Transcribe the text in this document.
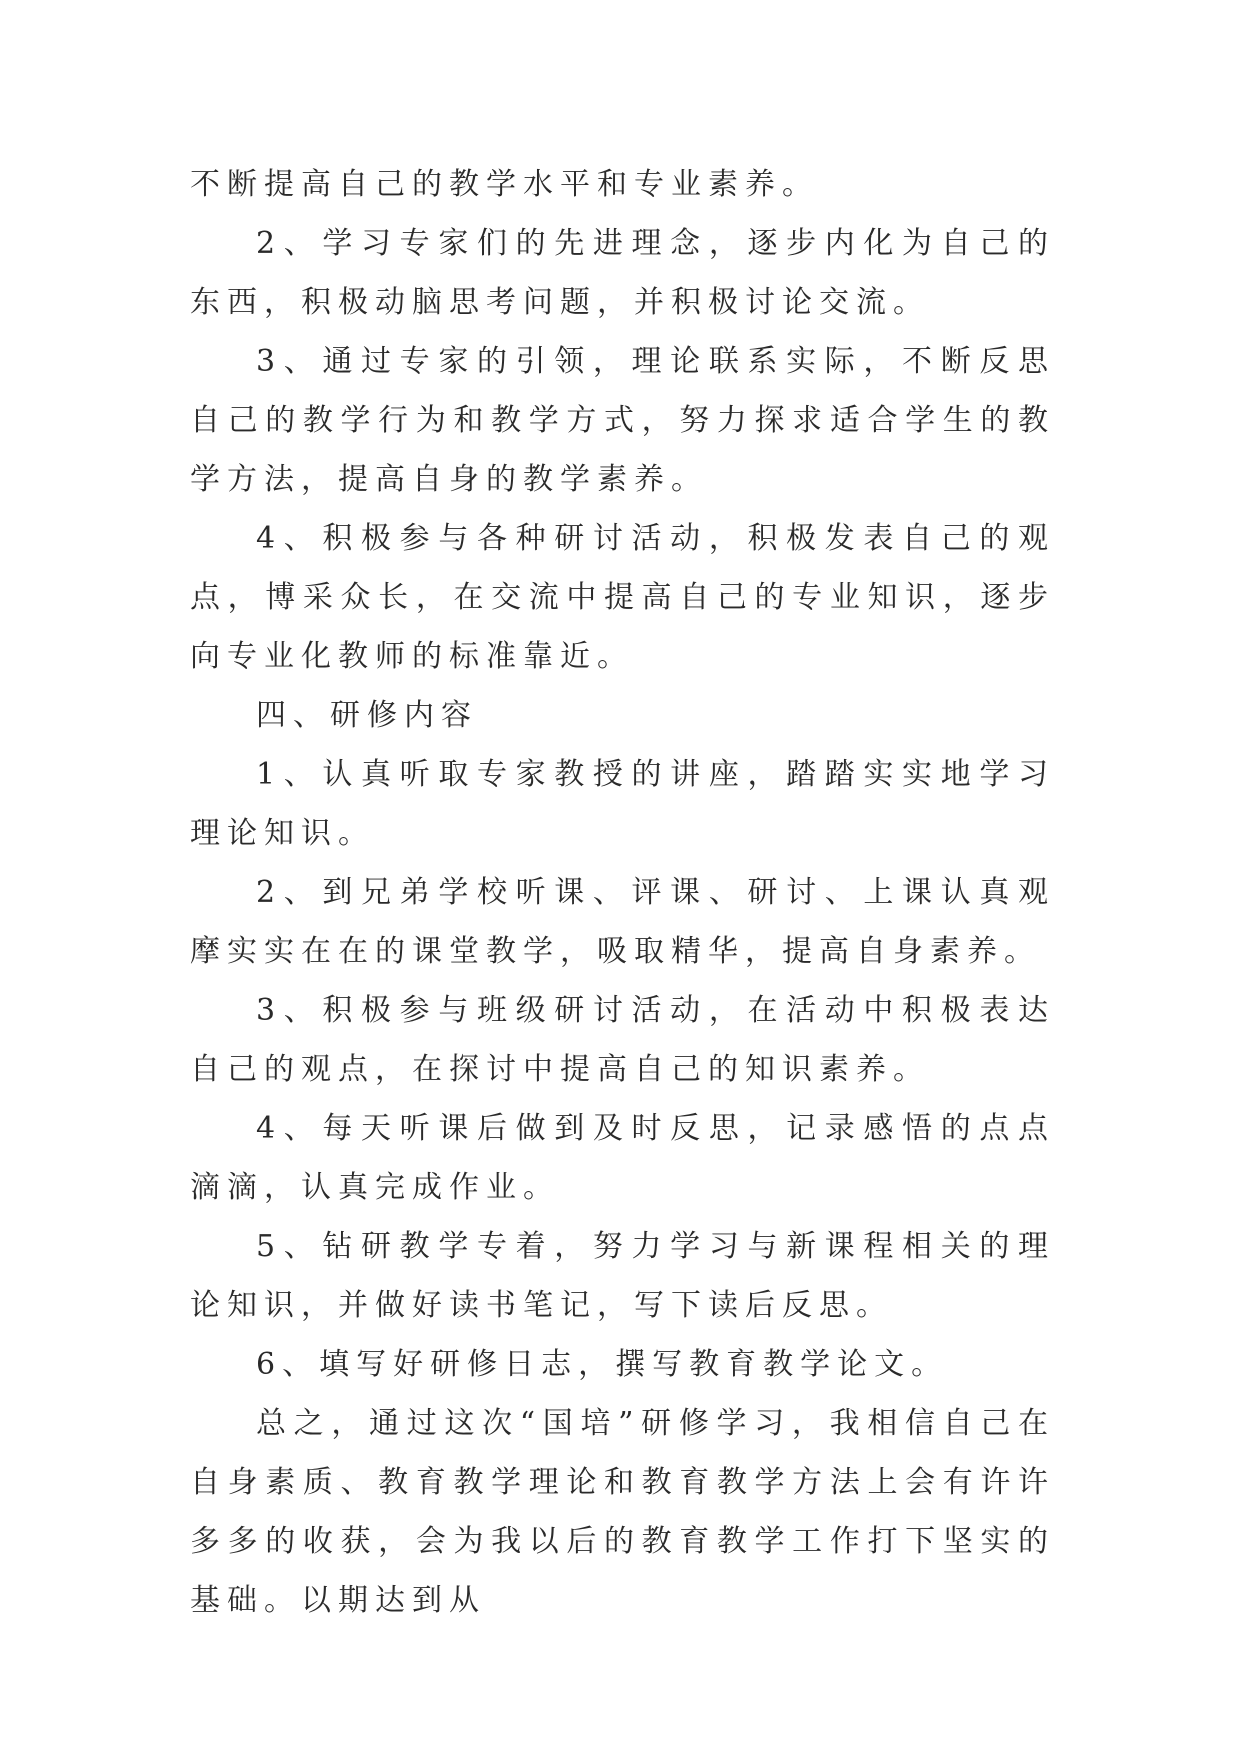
不断提高自己的教学水平和专业素养。

2、学习专家们的先进理念，逐步内化为自己的东西，积极动脑思考问题，并积极讨论交流。

3、通过专家的引领，理论联系实际，不断反思自己的教学行为和教学方式，努力探求适合学生的教学方法，提高自身的教学素养。

4、积极参与各种研讨活动，积极发表自己的观点，博采众长，在交流中提高自己的专业知识，逐步向专业化教师的标准靠近。

四、研修内容

1、认真听取专家教授的讲座，踏踏实实地学习理论知识。

2、到兄弟学校听课、评课、研讨、上课认真观摩实实在在的课堂教学，吸取精华，提高自身素养。

3、积极参与班级研讨活动，在活动中积极表达自己的观点，在探讨中提高自己的知识素养。

4、每天听课后做到及时反思，记录感悟的点点滴滴，认真完成作业。

5、钻研教学专着，努力学习与新课程相关的理论知识，并做好读书笔记，写下读后反思。

6、填写好研修日志，撰写教育教学论文。

总之，通过这次“国培”研修学习，我相信自己在自身素质、教育教学理论和教育教学方法上会有许许多多的收获，会为我以后的教育教学工作打下坚实的基础。以期达到从
